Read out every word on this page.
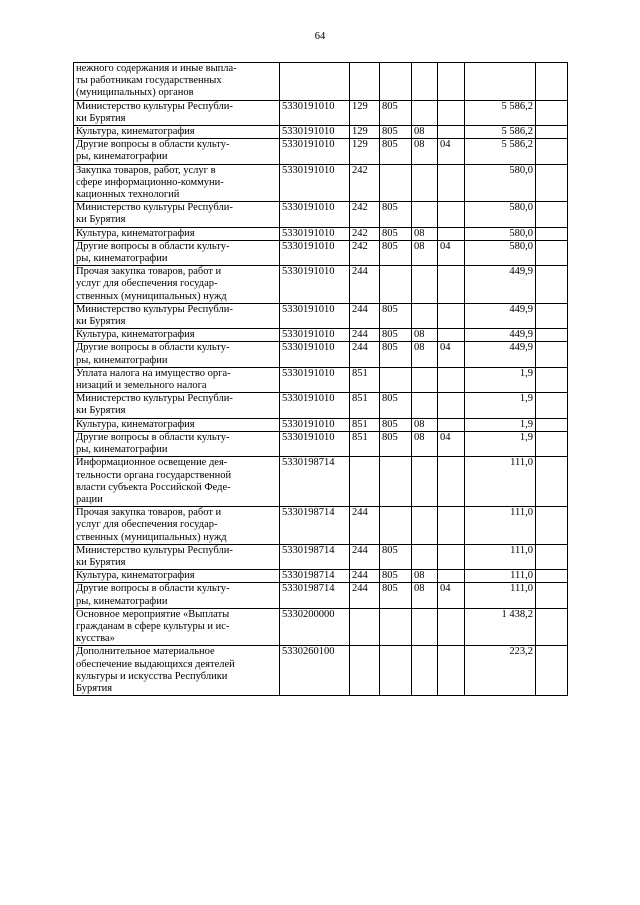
64
нежного содержания и иные выпла-
ты работникам государственных
(муниципальных) органов							
Министерство культуры Республи-
ки Бурятия	5330191010	129	805			5 586,2	
Культура, кинематография	5330191010	129	805	08		5 586,2	
Другие вопросы в области культу-
ры, кинематографии	5330191010	129	805	08	04	5 586,2	
Закупка товаров, работ, услуг в
сфере информационно-коммуни-
кационных технологий	5330191010	242				580,0	
Министерство культуры Республи-
ки Бурятия	5330191010	242	805			580,0	
Культура, кинематография	5330191010	242	805	08		580,0	
Другие вопросы в области культу-
ры, кинематографии	5330191010	242	805	08	04	580,0	
Прочая закупка товаров, работ и
услуг для обеспечения государ-
ственных (муниципальных) нужд	5330191010	244				449,9	
Министерство культуры Республи-
ки Бурятия	5330191010	244	805			449,9	
Культура, кинематография	5330191010	244	805	08		449,9	
Другие вопросы в области культу-
ры, кинематографии	5330191010	244	805	08	04	449,9	
Уплата налога на имущество орга-
низаций и земельного налога	5330191010	851				1,9	
Министерство культуры Республи-
ки Бурятия	5330191010	851	805			1,9	
Культура, кинематография	5330191010	851	805	08		1,9	
Другие вопросы в области культу-
ры, кинематографии	5330191010	851	805	08	04	1,9	
Информационное освещение дея-
тельности органа государственной
власти субъекта Российской Феде-
рации	5330198714					111,0	
Прочая закупка товаров, работ и
услуг для обеспечения государ-
ственных (муниципальных) нужд	5330198714	244				111,0	
Министерство культуры Республи-
ки Бурятия	5330198714	244	805			111,0	
Культура, кинематография	5330198714	244	805	08		111,0	
Другие вопросы в области культу-
ры, кинематографии	5330198714	244	805	08	04	111,0	
Основное мероприятие «Выплаты
гражданам в сфере культуры и ис-
кусства»	5330200000					1 438,2	
Дополнительное материальное
обеспечение выдающихся деятелей
культуры и искусства Республики
Бурятия	5330260100					223,2	
